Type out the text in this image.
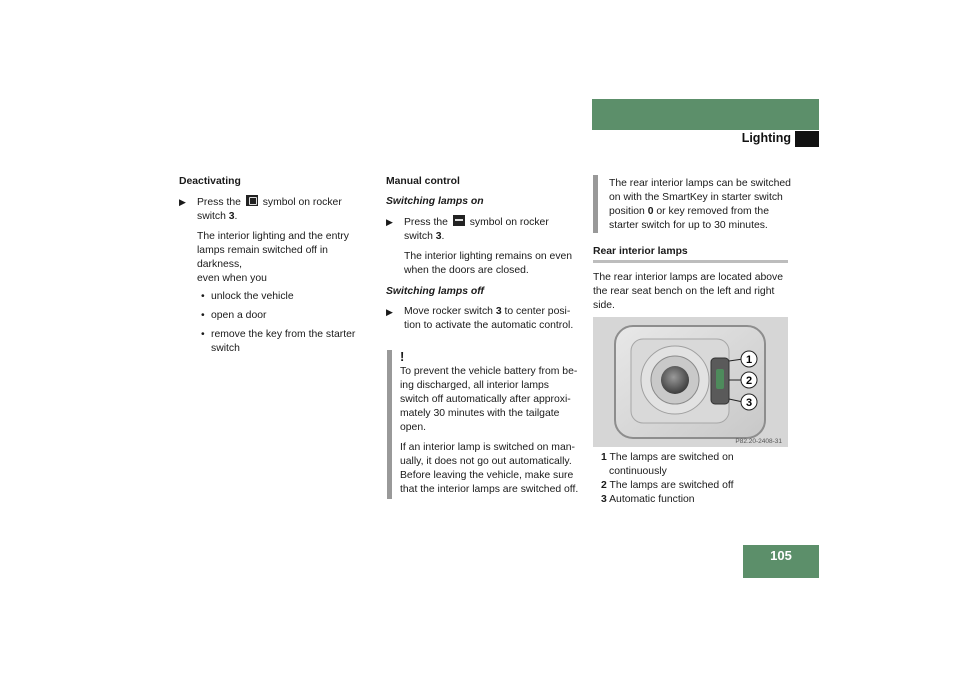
Controls in detail
Lighting

Deactivating

▶ Press the symbol on rocker
switch 3.

The interior lighting and the entry
lamps remain switched off in darkness,
even when you

• unlock the vehicle

• open a door

• remove the key from the starter
switch

Manual control

Switching lamps on

▶ Press the symbol on rocker
switch 3.

The interior lighting remains on even
when the doors are closed.

Switching lamps off

▶ Move rocker switch 3 to center posi-
tion to activate the automatic control.

!

To prevent the vehicle battery from be-
ing discharged, all interior lamps
switch off automatically after approxi-
mately 30 minutes with the tailgate
open.

If an interior lamp is switched on man-
ually, it does not go out automatically.
Before leaving the vehicle, make sure
that the interior lamps are switched off.

The rear interior lamps can be switched
on with the SmartKey in starter switch
position 0 or key removed from the
starter switch for up to 30 minutes.

Rear interior lamps

The rear interior lamps are located above
the rear seat bench on the left and right
side.

1
2
3
P82.20-2408-31

1 The lamps are switched on

continuously

2 The lamps are switched off

3 Automatic function

105
